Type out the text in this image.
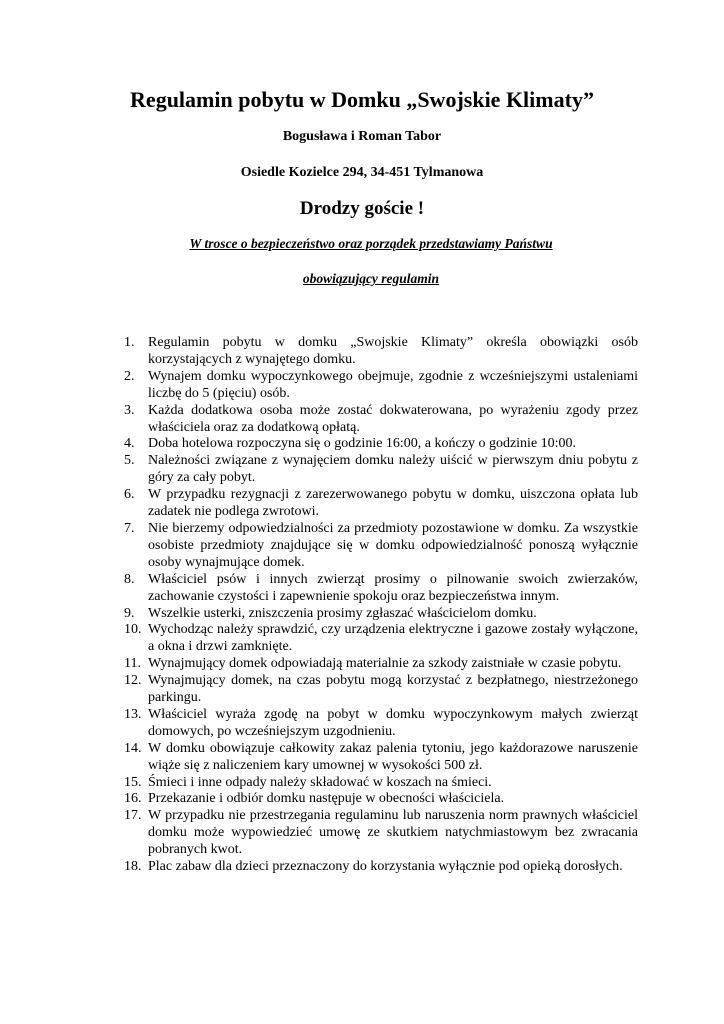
Regulamin pobytu w Domku „Swojskie Klimaty”

Bogusława i Roman Tabor

Osiedle Kozielce 294, 34-451 Tylmanowa

Drodzy goście !

W trosce o bezpieczeństwo oraz porządek przedstawiamy Państwu

obowiązujący regulamin

1. Regulamin pobytu w domku „Swojskie Klimaty” określa obowiązki osób korzystających z wynajętego domku.
2. Wynajem domku wypoczynkowego obejmuje, zgodnie z wcześniejszymi ustaleniami liczbę do 5 (pięciu) osób.
3. Każda dodatkowa osoba może zostać dokwaterowana, po wyrażeniu zgody przez właściciela oraz za dodatkową opłatą.
4. Doba hotelowa rozpoczyna się o godzinie 16:00, a kończy o godzinie 10:00.
5. Należności związane z wynajęciem domku należy uiścić w pierwszym dniu pobytu z góry za cały pobyt.
6. W przypadku rezygnacji z zarezerwowanego pobytu w domku, uiszczona opłata lub zadatek nie podlega zwrotowi.
7. Nie bierzemy odpowiedzialności za przedmioty pozostawione w domku. Za wszystkie osobiste przedmioty znajdujące się w domku odpowiedzialność ponoszą wyłącznie osoby wynajmujące domek.
8. Właściciel psów i innych zwierząt prosimy o pilnowanie swoich zwierzaków, zachowanie czystości i zapewnienie spokoju oraz bezpieczeństwa innym.
9. Wszelkie usterki, zniszczenia prosimy zgłaszać właścicielom domku.
10. Wychodząc należy sprawdzić, czy urządzenia elektryczne i gazowe zostały wyłączone, a okna i drzwi zamknięte.
11. Wynajmujący domek odpowiadają materialnie za szkody zaistniałe w czasie pobytu.
12. Wynajmujący domek, na czas pobytu mogą korzystać z bezpłatnego, niestrzeżonego parkingu.
13. Właściciel wyraża zgodę na pobyt w domku wypoczynkowym małych zwierząt domowych, po wcześniejszym uzgodnieniu.
14. W domku obowiązuje całkowity zakaz palenia tytoniu, jego każdorazowe naruszenie wiąże się z naliczeniem kary umownej w wysokości 500 zł.
15. Śmieci i inne odpady należy składować w koszach na śmieci.
16. Przekazanie i odbiór domku następuje w obecności właściciela.
17. W przypadku nie przestrzegania regulaminu lub naruszenia norm prawnych właściciel domku może wypowiedzieć umowę ze skutkiem natychmiastowym bez zwracania pobranych kwot.
18. Plac zabaw dla dzieci przeznaczony do korzystania wyłącznie pod opieką dorosłych.
